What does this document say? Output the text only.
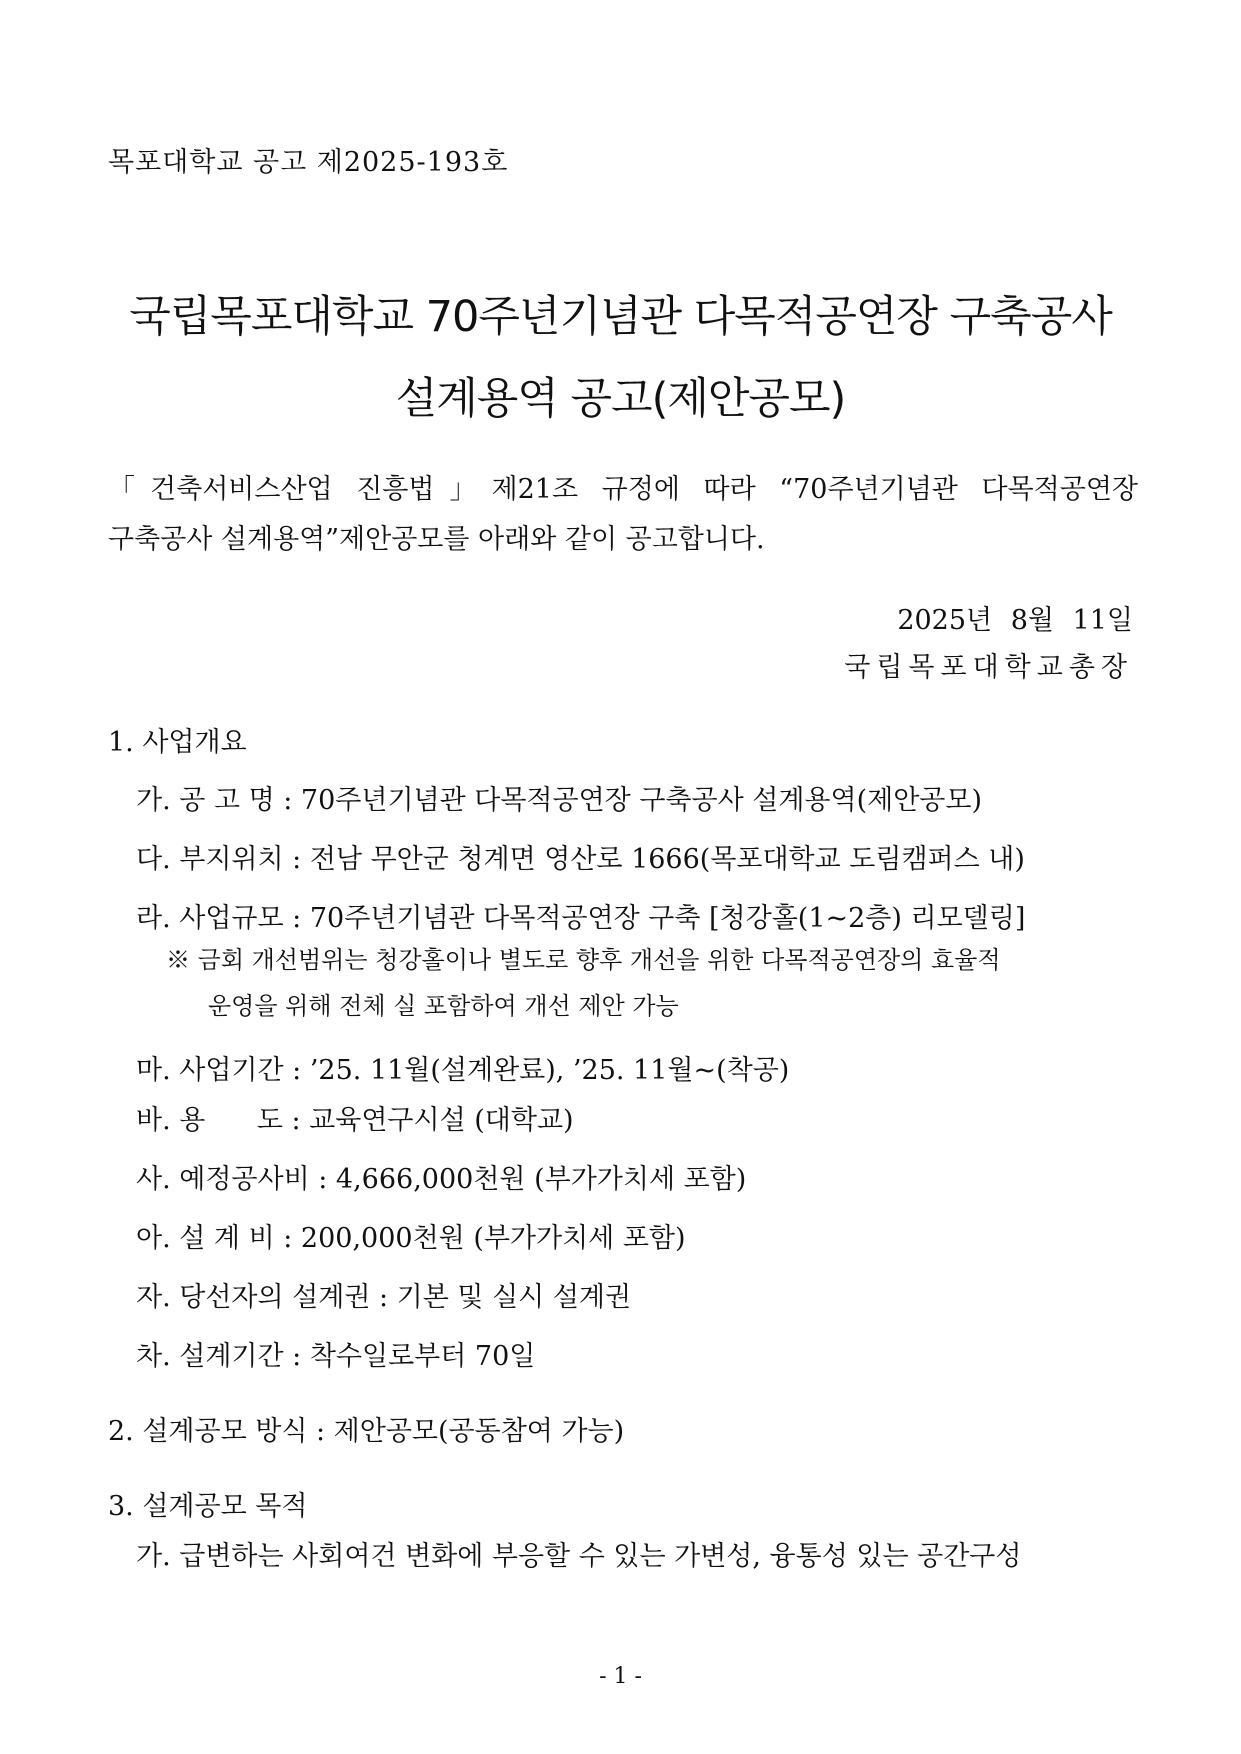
목포대학교 공고 제2025-193호
국립목포대학교 70주년기념관 다목적공연장 구축공사
설계용역 공고(제안공모)
「건축서비스산업 진흥법」제21조 규정에 따라 “70주년기념관 다목적공연장
구축공사 설계용역”제안공모를 아래와 같이 공고합니다.
2025년 8월 11일
국립목포대학교총장
1. 사업개요
가. 공 고 명 : 70주년기념관 다목적공연장 구축공사 설계용역(제안공모)
다. 부지위치 : 전남 무안군 청계면 영산로 1666(목포대학교 도림캠퍼스 내)
라. 사업규모 : 70주년기념관 다목적공연장 구축 [청강홀(1~2층) 리모델링]
※ 금회 개선범위는 청강홀이나 별도로 향후 개선을 위한 다목적공연장의 효율적
운영을 위해 전체 실 포함하여 개선 제안 가능
마. 사업기간 : ’25. 11월(설계완료), ’25. 11월~(착공)
바. 용      도 : 교육연구시설 (대학교)
사. 예정공사비 : 4,666,000천원 (부가가치세 포함)
아. 설 계 비 : 200,000천원 (부가가치세 포함)
자. 당선자의 설계권 : 기본 및 실시 설계권
차. 설계기간 : 착수일로부터 70일
2. 설계공모 방식 : 제안공모(공동참여 가능)
3. 설계공모 목적
가. 급변하는 사회여건 변화에 부응할 수 있는 가변성, 융통성 있는 공간구성
- 1 -
